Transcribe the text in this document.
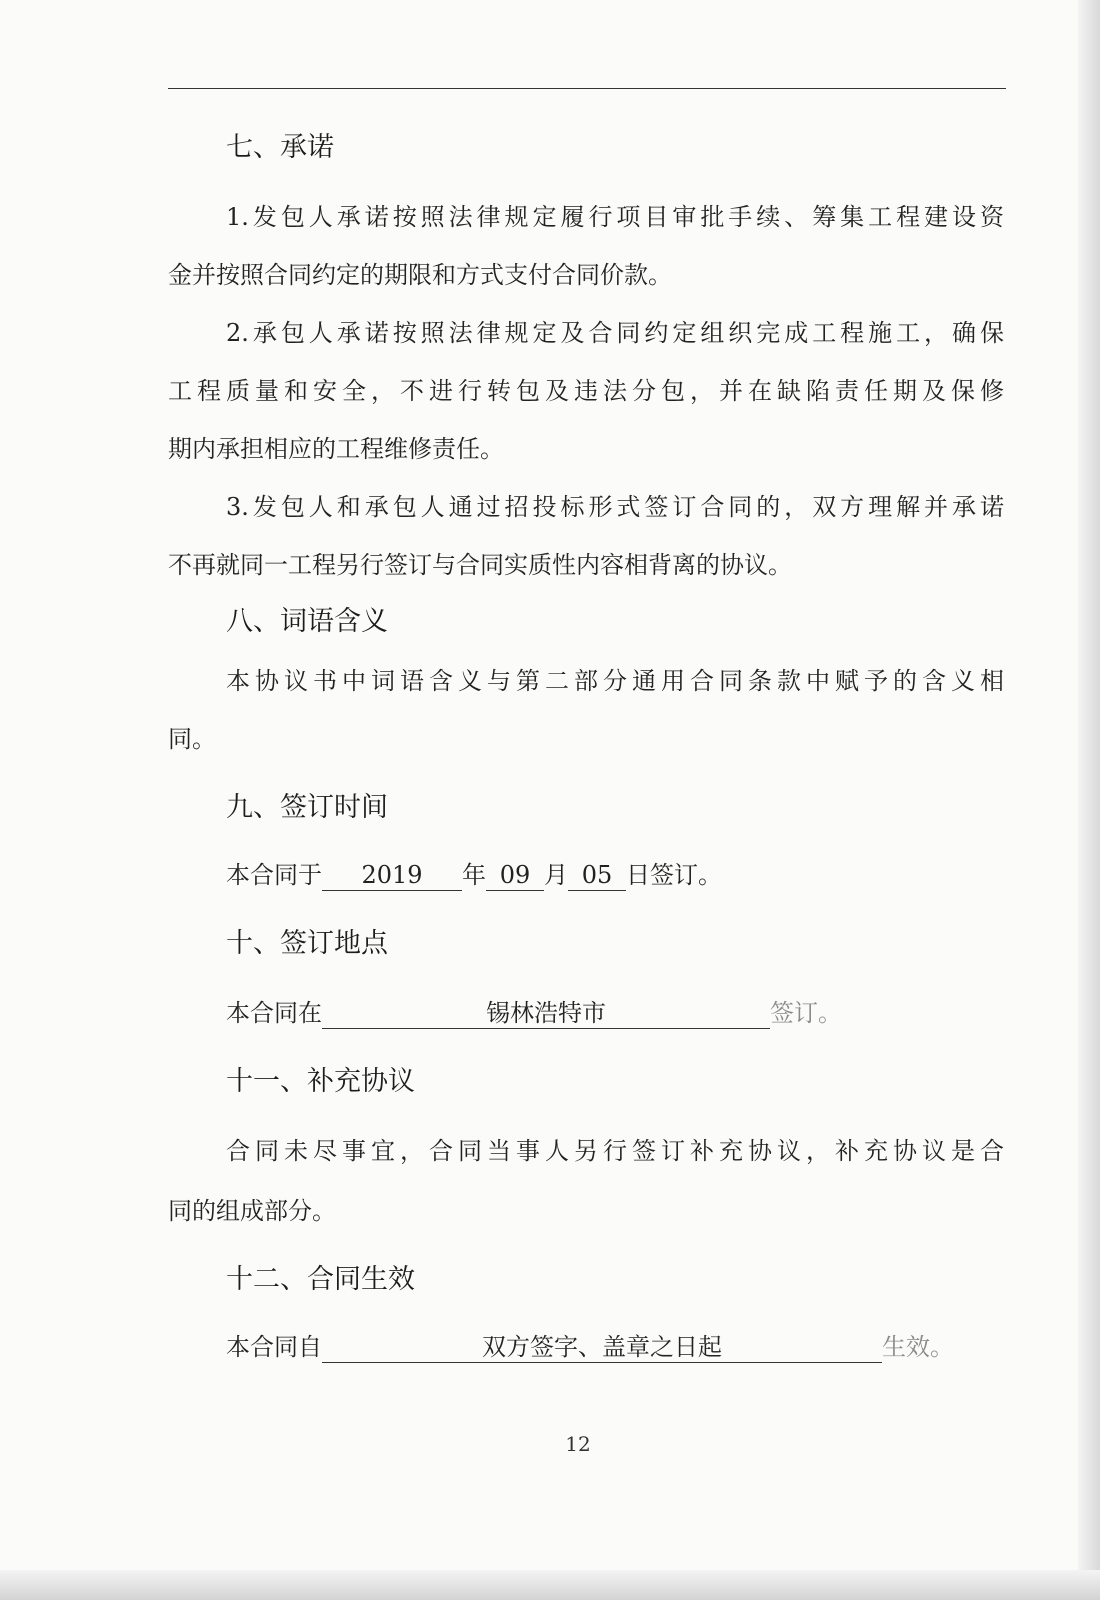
七、承诺
1.发包人承诺按照法律规定履行项目审批手续、筹集工程建设资
金并按照合同约定的期限和方式支付合同价款。
2.承包人承诺按照法律规定及合同约定组织完成工程施工，确保
工程质量和安全，不进行转包及违法分包，并在缺陷责任期及保修
期内承担相应的工程维修责任。
3.发包人和承包人通过招投标形式签订合同的，双方理解并承诺
不再就同一工程另行签订与合同实质性内容相背离的协议。
八、词语含义
本协议书中词语含义与第二部分通用合同条款中赋予的含义相
同。
九、签订时间
本合同于 2019 年 09 月 05 日签订。
十、签订地点
本合同在	锡林浩特市	签订。
十一、补充协议
合同未尽事宜，合同当事人另行签订补充协议，补充协议是合
同的组成部分。
十二、合同生效
本合同自	双方签字、盖章之日起	生效。
12
